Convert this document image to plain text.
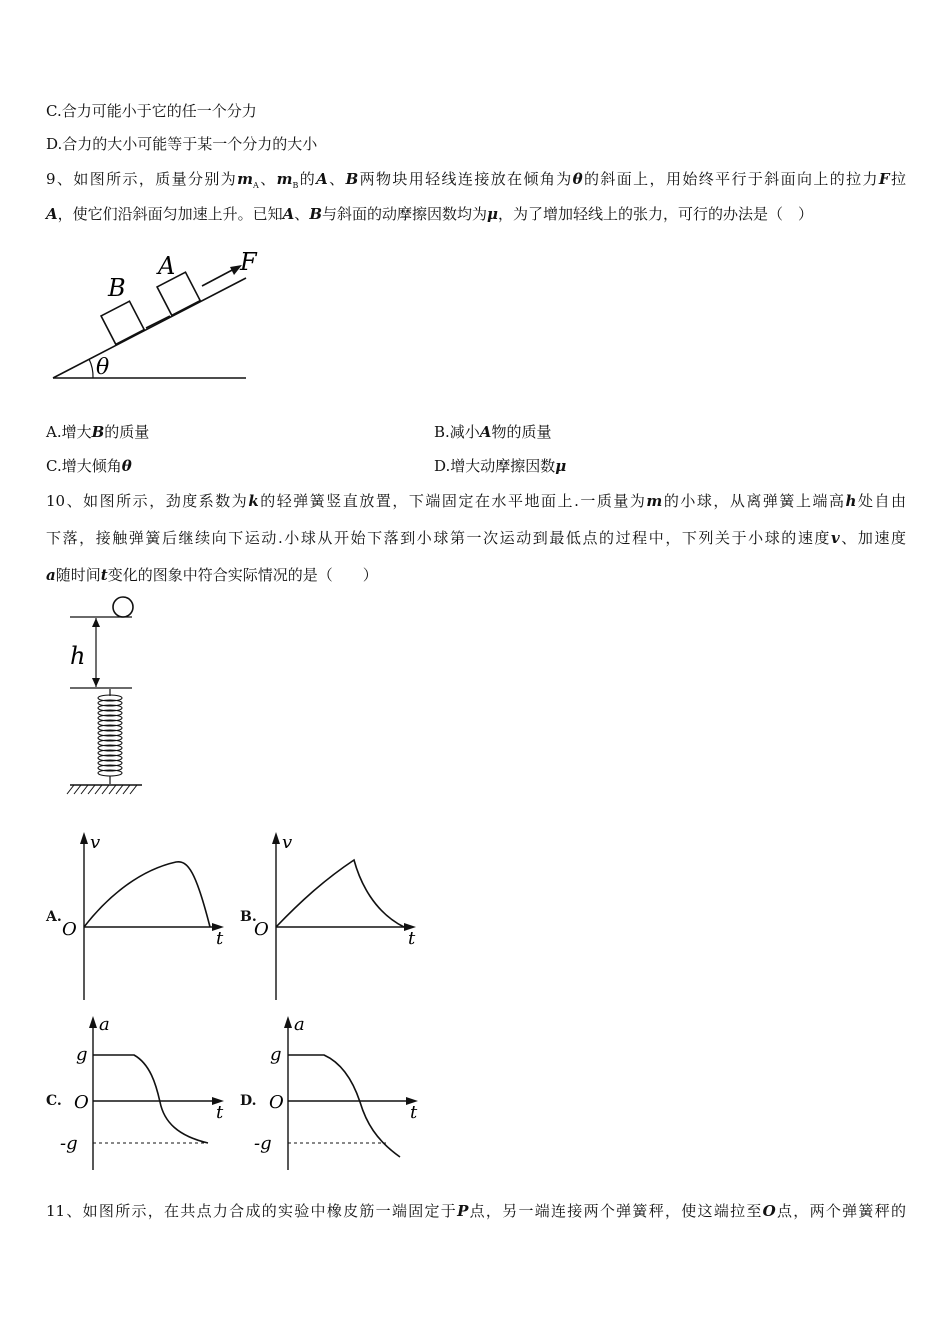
C.合力可能小于它的任一个分力
D.合力的大小可能等于某一个分力的大小
9、如图所示，质量分别为$m_A$、$m_B$的A、B两物块用轻线连接放在倾角为θ的斜面上，用始终平行于斜面向上的拉力F拉
A，使它们沿斜面匀加速上升。已知A、B与斜面的动摩擦因数均为μ，为了增加轻线上的张力，可行的办法是（　）
θ
B
A	F
A.增大B的质量	B.减小A物的质量
C.增大倾角θ	D.增大动摩擦因数μ
10、如图所示，劲度系数为k的轻弹簧竖直放置，下端固定在水平地面上.一质量为m的小球，从离弹簧上端高h处自由
下落，接触弹簧后继续向下运动.小球从开始下落到小球第一次运动到最低点的过程中，下列关于小球的速度v、加速度
a随时间t变化的图象中符合实际情况的是（　　）
h
A.
v
t
O
B.
v
t
O
C.
a
t
O
g
-g
D.
a
t
O
g
-g
11、如图所示，在共点力合成的实验中橡皮筋一端固定于P点，另一端连接两个弹簧秤，使这端拉至O点，两个弹簧秤的
